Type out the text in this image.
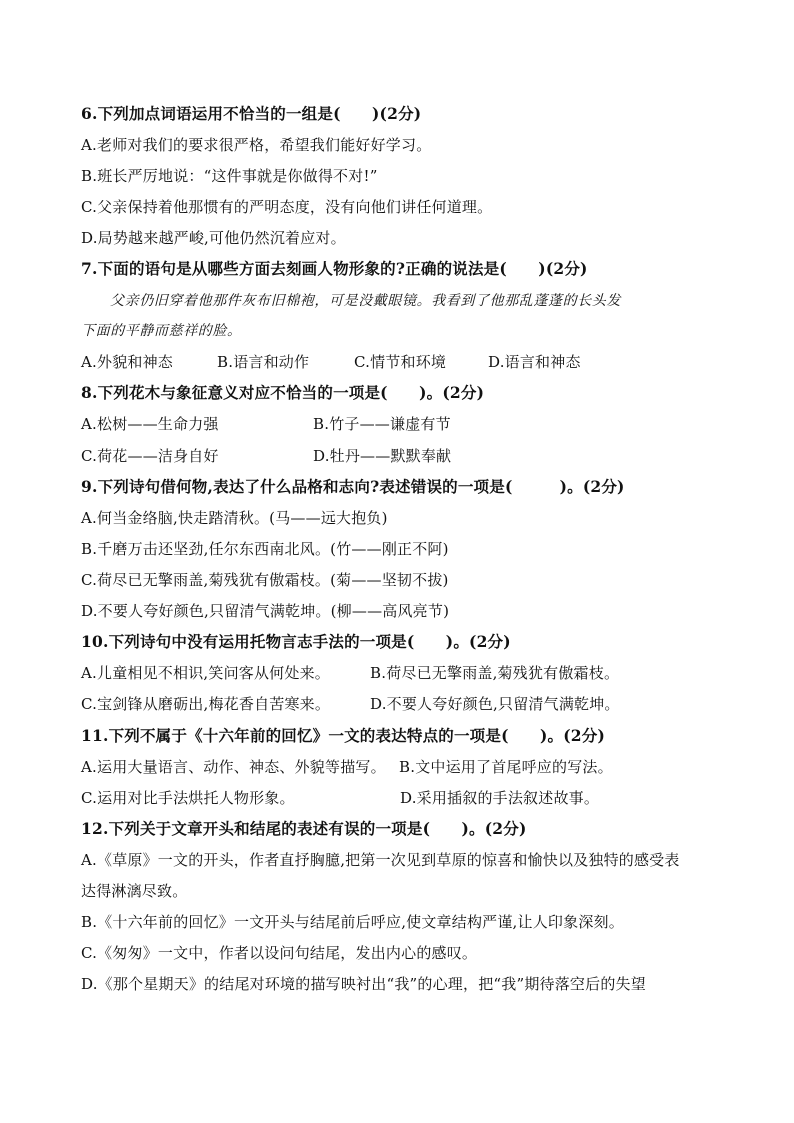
6.下列加点词语运用不恰当的一组是(　　)(2分)
A.老师对我们的要求很严格，希望我们能好好学习。
B.班长严厉地说：“这件事就是你做得不对!”
C.父亲保持着他那惯有的严明态度，没有向他们讲任何道理。
D.局势越来越严峻,可他仍然沉着应对。
7.下面的语句是从哪些方面去刻画人物形象的?正确的说法是(　　)(2分)
父亲仍旧穿着他那件灰布旧棉袍，可是没戴眼镜。我看到了他那乱蓬蓬的长头发
下面的平静而慈祥的脸。
A.外貌和神态	B.语言和动作	C.情节和环境	D.语言和神态
8.下列花木与象征意义对应不恰当的一项是(　　)。(2分)
A.松树——生命力强	B.竹子——谦虚有节
C.荷花——洁身自好	D.牡丹——默默奉献
9.下列诗句借何物,表达了什么品格和志向?表述错误的一项是(　　　)。(2分)
A.何当金络脑,快走踏清秋。(马——远大抱负)
B.千磨万击还坚劲,任尔东西南北风。(竹——刚正不阿)
C.荷尽已无擎雨盖,菊残犹有傲霜枝。(菊——坚韧不拔)
D.不要人夸好颜色,只留清气满乾坤。(柳——高风亮节)
10.下列诗句中没有运用托物言志手法的一项是(　　)。(2分)
A.儿童相见不相识,笑问客从何处来。	B.荷尽已无擎雨盖,菊残犹有傲霜枝。
C.宝剑锋从磨砺出,梅花香自苦寒来。	D.不要人夸好颜色,只留清气满乾坤。
11.下列不属于《十六年前的回忆》一文的表达特点的一项是(　　)。(2分)
A.运用大量语言、动作、神态、外貌等描写。 B.文中运用了首尾呼应的写法。
C.运用对比手法烘托人物形象。	D.采用插叙的手法叙述故事。
12.下列关于文章开头和结尾的表述有误的一项是(　　)。(2分)
A.《草原》一文的开头，作者直抒胸臆,把第一次见到草原的惊喜和愉快以及独特的感受表
达得淋漓尽致。
B.《十六年前的回忆》一文开头与结尾前后呼应,使文章结构严谨,让人印象深刻。
C.《匆匆》一文中，作者以设问句结尾，发出内心的感叹。
D.《那个星期天》的结尾对环境的描写映衬出“我”的心理，把“我”期待落空后的失望
